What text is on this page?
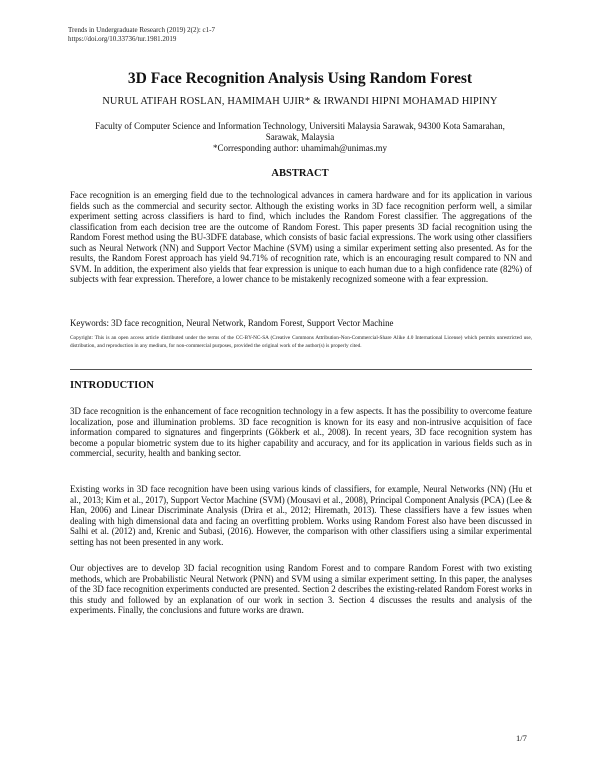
Trends in Undergraduate Research (2019) 2(2): c1-7
https://doi.org/10.33736/tur.1981.2019
3D Face Recognition Analysis Using Random Forest
NURUL ATIFAH ROSLAN, HAMIMAH UJIR* & IRWANDI HIPNI MOHAMAD HIPINY
Faculty of Computer Science and Information Technology, Universiti Malaysia Sarawak, 94300 Kota Samarahan,
Sarawak, Malaysia
*Corresponding author: uhamimah@unimas.my
ABSTRACT

Face recognition is an emerging field due to the technological advances in camera hardware and for its application in various fields such as the commercial and security sector. Although the existing works in 3D face recognition perform well, a similar experiment setting across classifiers is hard to find, which includes the Random Forest classifier. The aggregations of the classification from each decision tree are the outcome of Random Forest. This paper presents 3D facial recognition using the Random Forest method using the BU-3DFE database, which consists of basic facial expressions. The work using other classifiers such as Neural Network (NN) and Support Vector Machine (SVM) using a similar experiment setting also presented. As for the results, the Random Forest approach has yield 94.71% of recognition rate, which is an encouraging result compared to NN and SVM. In addition, the experiment also yields that fear expression is unique to each human due to a high confidence rate (82%) of subjects with fear expression. Therefore, a lower chance to be mistakenly recognized someone with a fear expression.

Keywords: 3D face recognition, Neural Network, Random Forest, Support Vector Machine

Copyright: This is an open access article distributed under the terms of the CC-BY-NC-SA (Creative Commons Attribution-Non-Commercial-Share Alike 4.0 International License) which permits unrestricted use, distribution, and reproduction in any medium, for non-commercial purposes, provided the original work of the author(s) is properly cited.

INTRODUCTION

3D face recognition is the enhancement of face recognition technology in a few aspects. It has the possibility to overcome feature localization, pose and illumination problems. 3D face recognition is known for its easy and non-intrusive acquisition of face information compared to signatures and fingerprints (Gökberk et al., 2008). In recent years, 3D face recognition system has become a popular biometric system due to its higher capability and accuracy, and for its application in various fields such as in commercial, security, health and banking sector.

Existing works in 3D face recognition have been using various kinds of classifiers, for example, Neural Networks (NN) (Hu et al., 2013; Kim et al., 2017), Support Vector Machine (SVM) (Mousavi et al., 2008), Principal Component Analysis (PCA) (Lee & Han, 2006) and Linear Discriminate Analysis (Drira et al., 2012; Hiremath, 2013). These classifiers have a few issues when dealing with high dimensional data and facing an overfitting problem. Works using Random Forest also have been discussed in Salhi et al. (2012) and, Krenic and Subasi, (2016). However, the comparison with other classifiers using a similar experimental setting has not been presented in any work.

Our objectives are to develop 3D facial recognition using Random Forest and to compare Random Forest with two existing methods, which are Probabilistic Neural Network (PNN) and SVM using a similar experiment setting. In this paper, the analyses of the 3D face recognition experiments conducted are presented. Section 2 describes the existing-related Random Forest works in this study and followed by an explanation of our work in section 3. Section 4 discusses the results and analysis of the experiments. Finally, the conclusions and future works are drawn.

1/7
